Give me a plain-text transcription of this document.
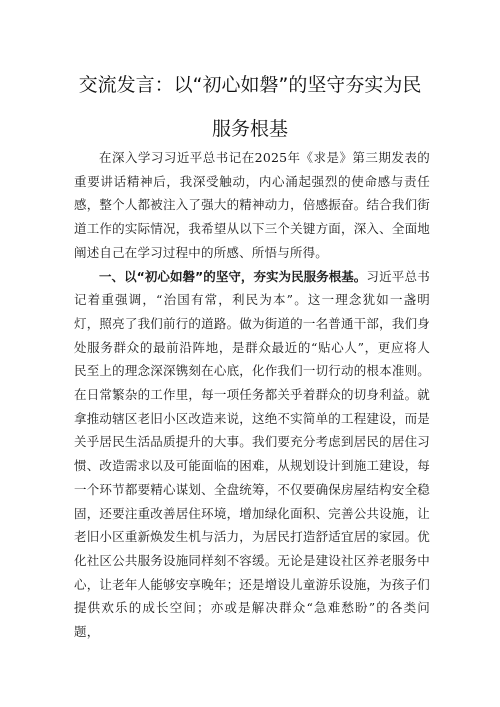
交流发言：以“初心如磐”的坚守夯实为民
服务根基

在深入学习习近平总书记在2025年《求是》第三期发表的重要讲话精神后，我深受触动，内心涌起强烈的使命感与责任感，整个人都被注入了强大的精神动力，倍感振奋。结合我们街道工作的实际情况，我希望从以下三个关键方面，深入、全面地阐述自己在学习过程中的所感、所悟与所得。

一、以“初心如磐”的坚守，夯实为民服务根基。习近平总书记着重强调，“治国有常，利民为本”。这一理念犹如一盏明灯，照亮了我们前行的道路。做为街道的一名普通干部，我们身处服务群众的最前沿阵地，是群众最近的“贴心人”，更应将人民至上的理念深深镌刻在心底，化作我们一切行动的根本准则。在日常繁杂的工作里，每一项任务都关乎着群众的切身利益。就拿推动辖区老旧小区改造来说，这绝不实简单的工程建设，而是关乎居民生活品质提升的大事。我们要充分考虑到居民的居住习惯、改造需求以及可能面临的困难，从规划设计到施工建设，每一个环节都要精心谋划、全盘统筹，不仅要确保房屋结构安全稳固，还要注重改善居住环境，增加绿化面积、完善公共设施，让老旧小区重新焕发生机与活力，为居民打造舒适宜居的家园。优化社区公共服务设施同样刻不容缓。无论是建设社区养老服务中心，让老年人能够安享晚年；还是增设儿童游乐设施，为孩子们提供欢乐的成长空间；亦或是解决群众“急难愁盼”的各类问题，
